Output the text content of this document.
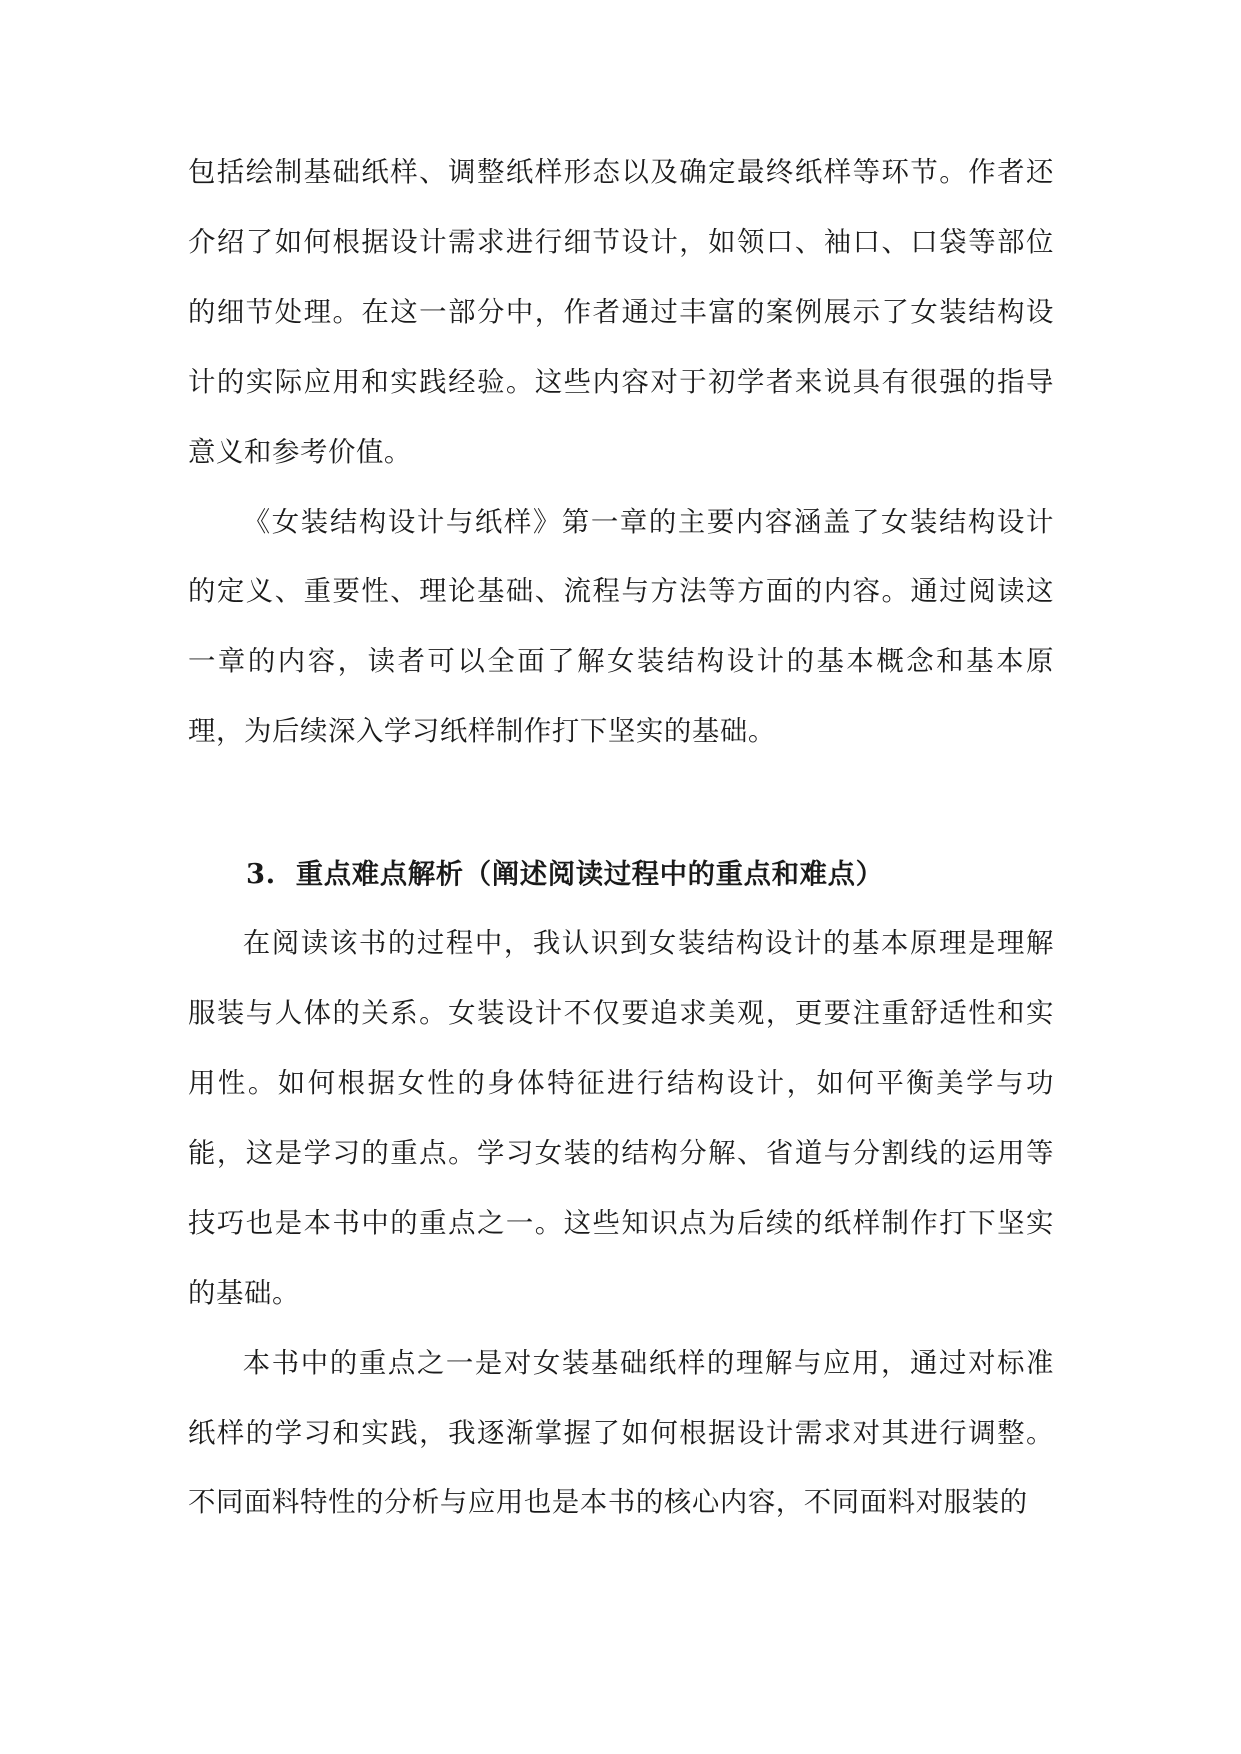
包括绘制基础纸样、调整纸样形态以及确定最终纸样等环节。作者还介绍了如何根据设计需求进行细节设计，如领口、袖口、口袋等部位的细节处理。在这一部分中，作者通过丰富的案例展示了女装结构设计的实际应用和实践经验。这些内容对于初学者来说具有很强的指导意义和参考价值。

《女装结构设计与纸样》第一章的主要内容涵盖了女装结构设计的定义、重要性、理论基础、流程与方法等方面的内容。通过阅读这一章的内容，读者可以全面了解女装结构设计的基本概念和基本原理，为后续深入学习纸样制作打下坚实的基础。

3. 重点难点解析（阐述阅读过程中的重点和难点）

在阅读该书的过程中，我认识到女装结构设计的基本原理是理解服装与人体的关系。女装设计不仅要追求美观，更要注重舒适性和实用性。如何根据女性的身体特征进行结构设计，如何平衡美学与功能，这是学习的重点。学习女装的结构分解、省道与分割线的运用等技巧也是本书中的重点之一。这些知识点为后续的纸样制作打下坚实的基础。

本书中的重点之一是对女装基础纸样的理解与应用，通过对标准纸样的学习和实践，我逐渐掌握了如何根据设计需求对其进行调整。不同面料特性的分析与应用也是本书的核心内容，不同面料对服装的
